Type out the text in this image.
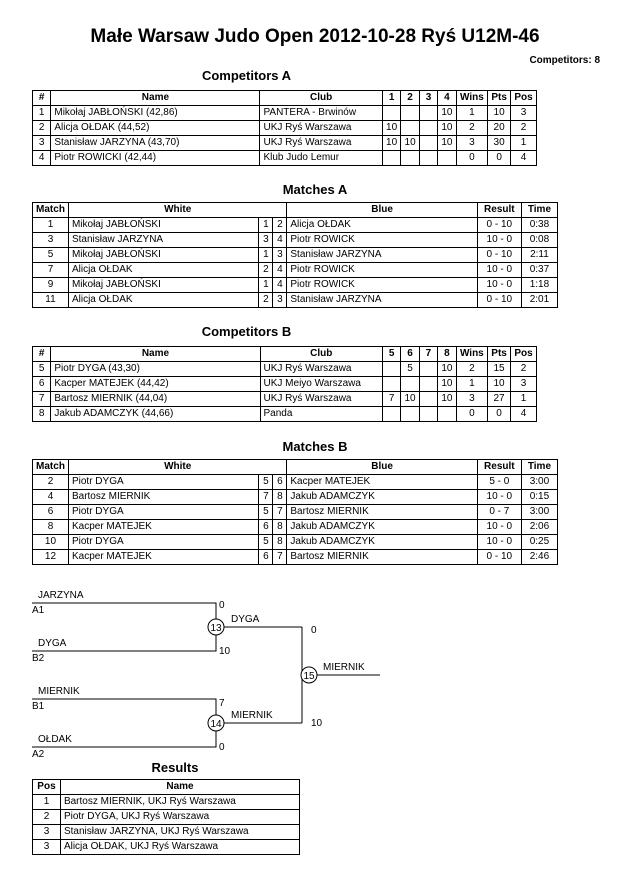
Małe Warsaw Judo Open 2012-10-28 Ryś U12M-46
Competitors: 8
Competitors A
#	Name	Club	1	2	3	4	Wins	Pts	Pos
1	Mikołaj JABŁOŃSKI (42,86)	PANTERA - Brwinów				10	1	10	3
2	Alicja OŁDAK (44,52)	UKJ Ryś Warszawa	10			10	2	20	2
3	Stanisław JARZYNA (43,70)	UKJ Ryś Warszawa	10	10		10	3	30	1
4	Piotr ROWICKI (42,44)	Klub Judo Lemur					0	0	4
Matches A
Match	White			Blue	Result	Time
1	Mikołaj JABŁOŃSKI	1	2	Alicja OŁDAK	0 - 10	0:38
3	Stanisław JARZYNA	3	4	Piotr ROWICK	10 - 0	0:08
5	Mikołaj JABŁOŃSKI	1	3	Stanisław JARZYNA	0 - 10	2:11
7	Alicja OŁDAK	2	4	Piotr ROWICK	10 - 0	0:37
9	Mikołaj JABŁOŃSKI	1	4	Piotr ROWICK	10 - 0	1:18
11	Alicja OŁDAK	2	3	Stanisław JARZYNA	0 - 10	2:01
Competitors B
#	Name	Club	5	6	7	8	Wins	Pts	Pos
5	Piotr DYGA (43,30)	UKJ Ryś Warszawa		5		10	2	15	2
6	Kacper MATEJEK (44,42)	UKJ Meiyo Warszawa				10	1	10	3
7	Bartosz MIERNIK (44,04)	UKJ Ryś Warszawa	7	10		10	3	27	1
8	Jakub ADAMCZYK (44,66)	Panda					0	0	4
Matches B
Match	White			Blue	Result	Time
2	Piotr DYGA	5	6	Kacper MATEJEK	5 - 0	3:00
4	Bartosz MIERNIK	7	8	Jakub ADAMCZYK	10 - 0	0:15
6	Piotr DYGA	5	7	Bartosz MIERNIK	0 - 7	3:00
8	Kacper MATEJEK	6	8	Jakub ADAMCZYK	10 - 0	2:06
10	Piotr DYGA	5	8	Jakub ADAMCZYK	10 - 0	0:25
12	Kacper MATEJEK	6	7	Bartosz MIERNIK	0 - 10	2:46
13
14
15
JARZYNA
A1	0
DYGA
B2
10
DYGA
MIERNIK
B1	7
OŁDAK
A2
0
MIERNIK
0
10
MIERNIK
Results
Pos	Name
1	Bartosz MIERNIK, UKJ Ryś Warszawa
2	Piotr DYGA, UKJ Ryś Warszawa
3	Stanisław JARZYNA, UKJ Ryś Warszawa
3	Alicja OŁDAK, UKJ Ryś Warszawa
